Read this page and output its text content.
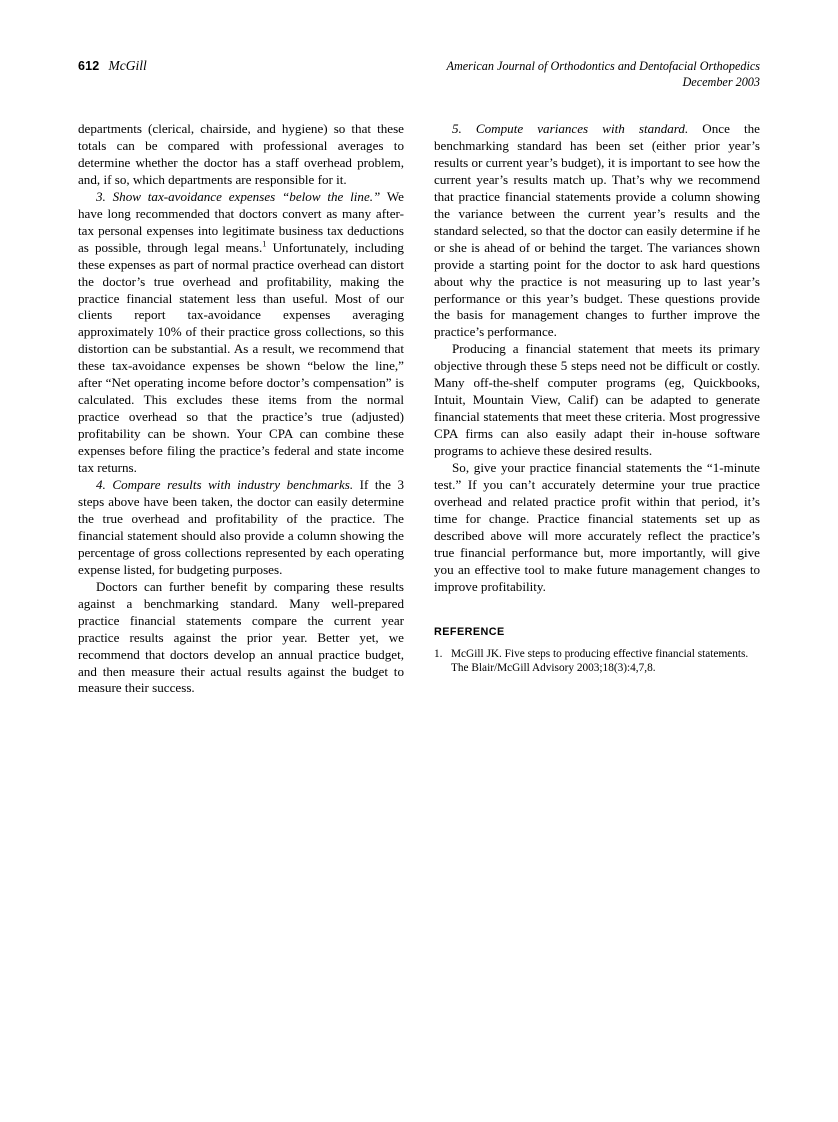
612 McGill	American Journal of Orthodontics and Dentofacial Orthopedics
December 2003

departments (clerical, chairside, and hygiene) so that these totals can be compared with professional averages to determine whether the doctor has a staff overhead problem, and, if so, which departments are responsible for it.

3. Show tax-avoidance expenses “below the line.” We have long recommended that doctors convert as many after-tax personal expenses into legitimate business tax deductions as possible, through legal means.$^1$ Unfortunately, including these expenses as part of normal practice overhead can distort the doctor’s true overhead and profitability, making the practice financial statement less than useful. Most of our clients report tax-avoidance expenses averaging approximately 10% of their practice gross collections, so this distortion can be substantial. As a result, we recommend that these tax-avoidance expenses be shown “below the line,” after “Net operating income before doctor’s compensation” is calculated. This excludes these items from the normal practice overhead so that the practice’s true (adjusted) profitability can be shown. Your CPA can combine these expenses before filing the practice’s federal and state income tax returns.

4. Compare results with industry benchmarks. If the 3 steps above have been taken, the doctor can easily determine the true overhead and profitability of the practice. The financial statement should also provide a column showing the percentage of gross collections represented by each operating expense listed, for budgeting purposes.

Doctors can further benefit by comparing these results against a benchmarking standard. Many well-prepared practice financial statements compare the current year practice results against the prior year. Better yet, we recommend that doctors develop an annual practice budget, and then measure their actual results against the budget to measure their success.

5. Compute variances with standard. Once the benchmarking standard has been set (either prior year’s results or current year’s budget), it is important to see how the current year’s results match up. That’s why we recommend that practice financial statements provide a column showing the variance between the current year’s results and the standard selected, so that the doctor can easily determine if he or she is ahead of or behind the target. The variances shown provide a starting point for the doctor to ask hard questions about why the practice is not measuring up to last year’s performance or this year’s budget. These questions provide the basis for management changes to further improve the practice’s performance.

Producing a financial statement that meets its primary objective through these 5 steps need not be difficult or costly. Many off-the-shelf computer programs (eg, Quickbooks, Intuit, Mountain View, Calif) can be adapted to generate financial statements that meet these criteria. Most progressive CPA firms can also easily adapt their in-house software programs to achieve these desired results.

So, give your practice financial statements the “1-minute test.” If you can’t accurately determine your true practice overhead and related practice profit within that period, it’s time for change. Practice financial statements set up as described above will more accurately reflect the practice’s true financial performance but, more importantly, will give you an effective tool to make future management changes to improve profitability.

REFERENCE
1. McGill JK. Five steps to producing effective financial statements. The Blair/McGill Advisory 2003;18(3):4,7,8.
